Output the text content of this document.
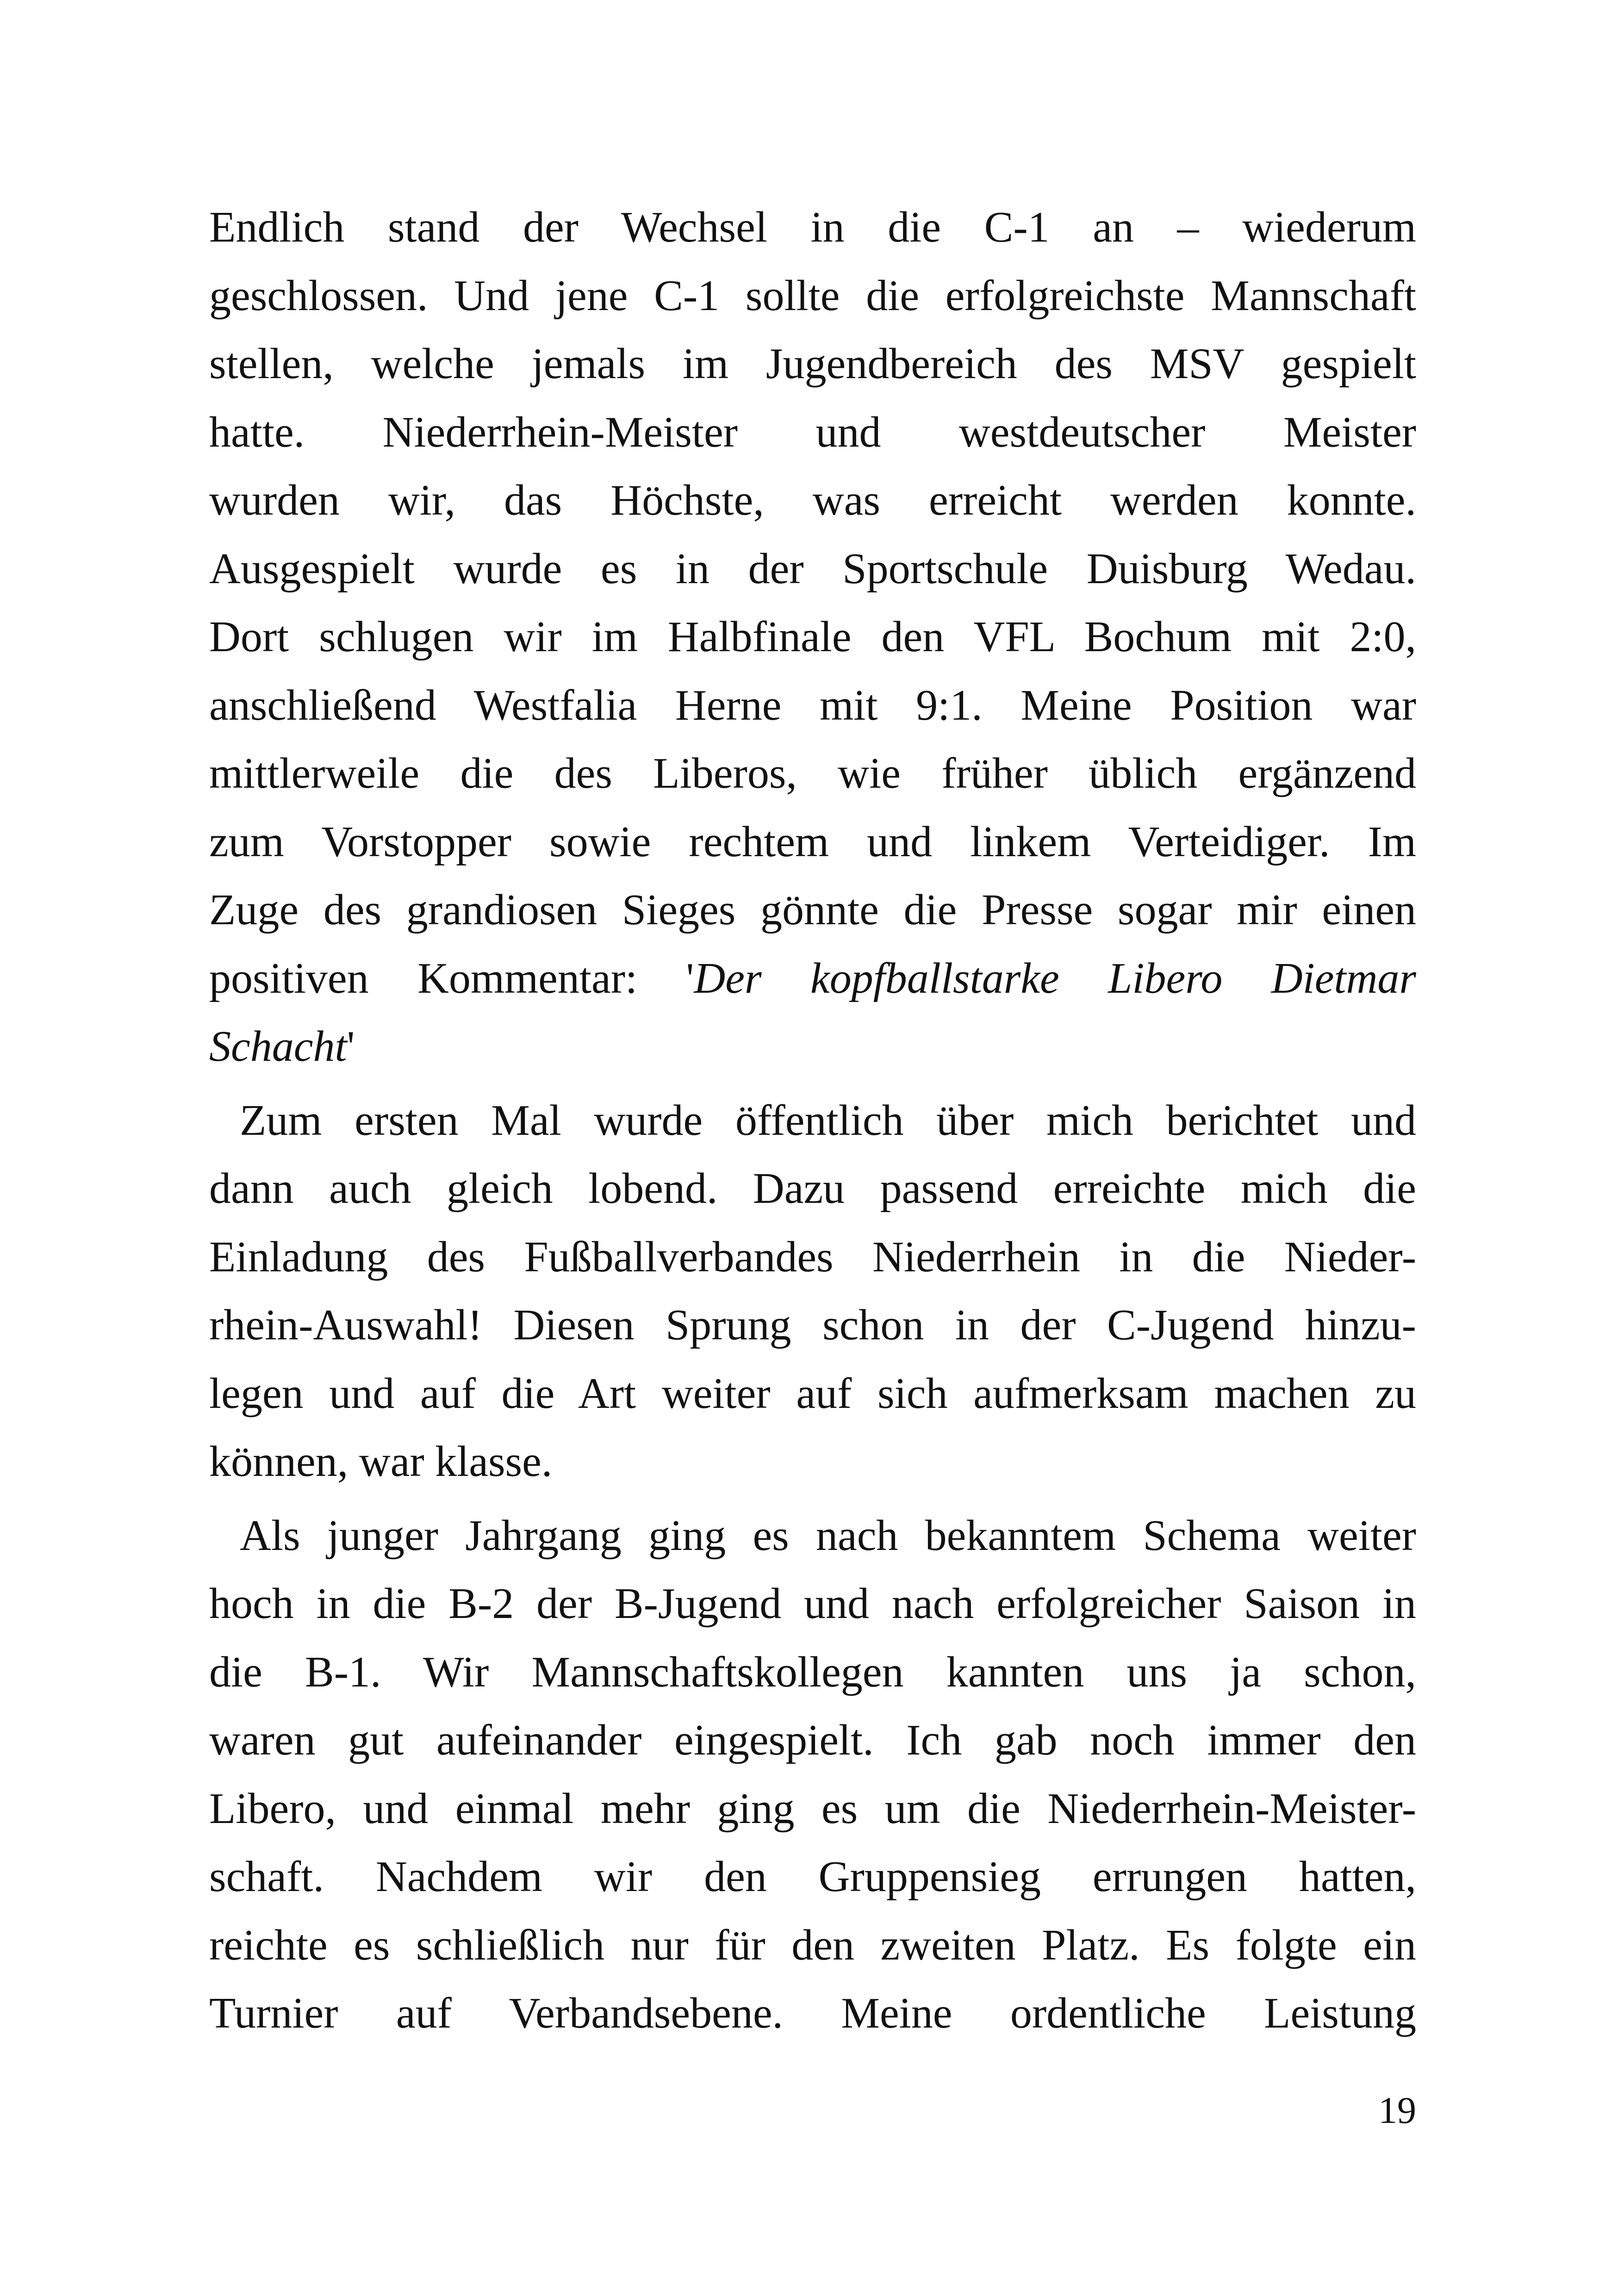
Endlich stand der Wechsel in die C-1 an – wiederum
geschlossen. Und jene C-1 sollte die erfolgreichste Mannschaft
stellen, welche jemals im Jugendbereich des MSV gespielt
hatte. Niederrhein-Meister und westdeutscher Meister
wurden wir, das Höchste, was erreicht werden konnte.
Ausgespielt wurde es in der Sportschule Duisburg Wedau.
Dort schlugen wir im Halbfinale den VFL Bochum mit 2:0,
anschließend Westfalia Herne mit 9:1. Meine Position war
mittlerweile die des Liberos, wie früher üblich ergänzend
zum Vorstopper sowie rechtem und linkem Verteidiger. Im
Zuge des grandiosen Sieges gönnte die Presse sogar mir einen
positiven Kommentar: 'Der kopfballstarke Libero Dietmar
Schacht'
Zum ersten Mal wurde öffentlich über mich berichtet und
dann auch gleich lobend. Dazu passend erreichte mich die
Einladung des Fußballverbandes Niederrhein in die Nieder-
rhein-Auswahl! Diesen Sprung schon in der C-Jugend hinzu-
legen und auf die Art weiter auf sich aufmerksam machen zu
können, war klasse.
Als junger Jahrgang ging es nach bekanntem Schema weiter
hoch in die B-2 der B-Jugend und nach erfolgreicher Saison in
die B-1. Wir Mannschaftskollegen kannten uns ja schon,
waren gut aufeinander eingespielt. Ich gab noch immer den
Libero, und einmal mehr ging es um die Niederrhein-Meister-
schaft. Nachdem wir den Gruppensieg errungen hatten,
reichte es schließlich nur für den zweiten Platz. Es folgte ein
Turnier auf Verbandsebene. Meine ordentliche Leistung
19
